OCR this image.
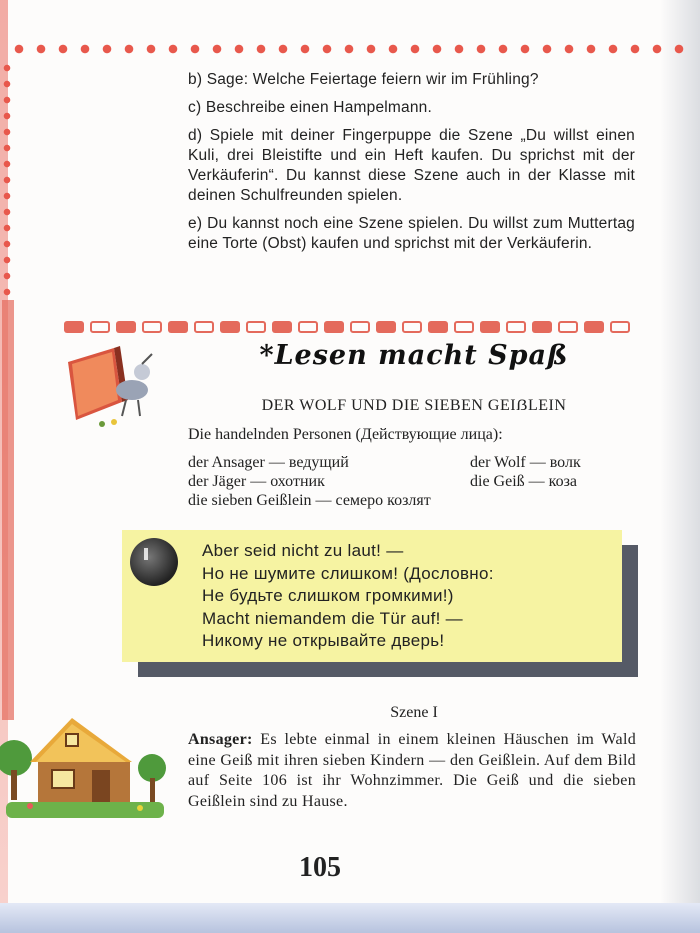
b) Sage: Welche Feiertage feiern wir im Frühling?

c) Beschreibe einen Hampelmann.

d) Spiele mit deiner Fingerpuppe die Szene „Du willst einen Kuli, drei Bleistifte und ein Heft kaufen. Du sprichst mit der Verkäuferin“. Du kannst diese Szene auch in der Klasse mit deinen Schulfreunden spielen.

e) Du kannst noch eine Szene spielen. Du willst zum Muttertag eine Torte (Obst) kaufen und sprichst mit der Verkäuferin.

*Lesen macht Spaß
DER WOLF UND DIE SIEBEN GEIẞLEIN
Die handelnden Personen (Действующие лица):
der Ansager — ведущий	der Wolf — волк
der Jäger — охотник	die Geiß — коза
die sieben Geißlein — семеро козлят
Aber seid nicht zu laut! —
Но не шумите слишком! (Дословно:
Не будьте слишком громкими!)
Macht niemandem die Tür auf! —
Никому не открывайте дверь!
Szene I
Ansager: Es lebte einmal in einem kleinen Häuschen im Wald eine Geiß mit ihren sieben Kindern — den Geißlein. Auf dem Bild auf Seite 106 ist ihr Wohnzimmer. Die Geiß und die sieben Geißlein sind zu Hause.
105
